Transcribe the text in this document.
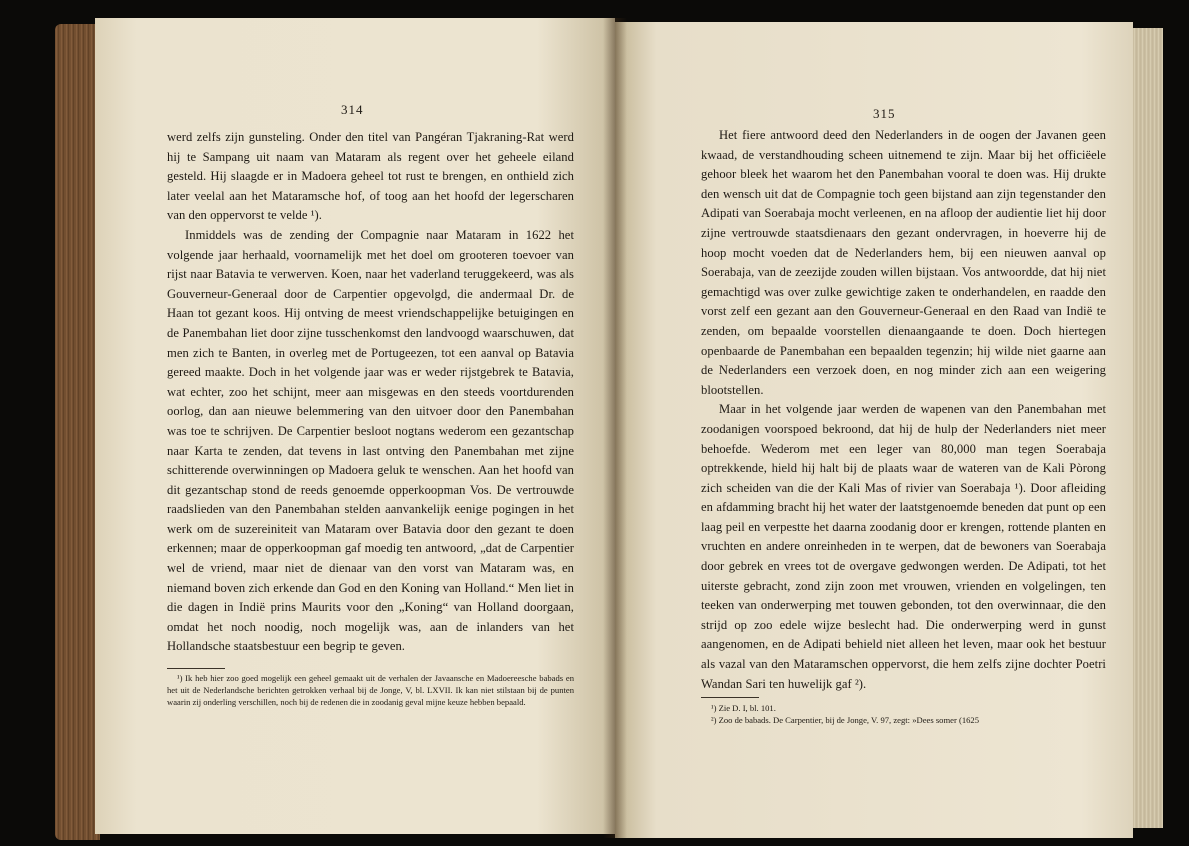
314

werd zelfs zijn gunsteling. Onder den titel van Pangéran Tjakraning-Rat werd hij te Sampang uit naam van Mataram als regent over het geheele eiland gesteld. Hij slaagde er in Madoera geheel tot rust te brengen, en onthield zich later veelal aan het Mataramsche hof, of toog aan het hoofd der legerscharen van den oppervorst te velde ¹).

Inmiddels was de zending der Compagnie naar Mataram in 1622 het volgende jaar herhaald, voornamelijk met het doel om grooteren toevoer van rijst naar Batavia te verwerven. Koen, naar het vaderland teruggekeerd, was als Gouverneur-Generaal door de Carpentier opgevolgd, die andermaal Dr. de Haan tot gezant koos. Hij ontving de meest vriendschappelijke betuigingen en de Panembahan liet door zijne tusschenkomst den landvoogd waarschuwen, dat men zich te Banten, in overleg met de Portugeezen, tot een aanval op Batavia gereed maakte. Doch in het volgende jaar was er weder rijstgebrek te Batavia, wat echter, zoo het schijnt, meer aan misgewas en den steeds voortdurenden oorlog, dan aan nieuwe belemmering van den uitvoer door den Panembahan was toe te schrijven. De Carpentier besloot nogtans wederom een gezantschap naar Karta te zenden, dat tevens in last ontving den Panembahan met zijne schitterende overwinningen op Madoera geluk te wenschen. Aan het hoofd van dit gezantschap stond de reeds genoemde opperkoopman Vos. De vertrouwde raadslieden van den Panembahan stelden aanvankelijk eenige pogingen in het werk om de suzereiniteit van Mataram over Batavia door den gezant te doen erkennen; maar de opperkoopman gaf moedig ten antwoord, „dat de Carpentier wel de vriend, maar niet de dienaar van den vorst van Mataram was, en niemand boven zich erkende dan God en den Koning van Holland.“ Men liet in die dagen in Indië prins Maurits voor den „Koning“ van Holland doorgaan, omdat het noch noodig, noch mogelijk was, aan de inlanders van het Hollandsche staatsbestuur een begrip te geven.

¹) Ik heb hier zoo goed mogelijk een geheel gemaakt uit de verhalen der Javaansche en Madoereesche babads en het uit de Nederlandsche berichten getrokken verhaal bij de Jonge, V, bl. LXVII. Ik kan niet stilstaan bij de punten waarin zij onderling verschillen, noch bij de redenen die in zoodanig geval mijne keuze hebben bepaald.

315

Het fiere antwoord deed den Nederlanders in de oogen der Javanen geen kwaad, de verstandhouding scheen uitnemend te zijn. Maar bij het officiëele gehoor bleek het waarom het den Panembahan vooral te doen was. Hij drukte den wensch uit dat de Compagnie toch geen bijstand aan zijn tegenstander den Adipati van Soerabaja mocht verleenen, en na afloop der audientie liet hij door zijne vertrouwde staatsdienaars den gezant ondervragen, in hoeverre hij de hoop mocht voeden dat de Nederlanders hem, bij een nieuwen aanval op Soerabaja, van de zeezijde zouden willen bijstaan. Vos antwoordde, dat hij niet gemachtigd was over zulke gewichtige zaken te onderhandelen, en raadde den vorst zelf een gezant aan den Gouverneur-Generaal en den Raad van Indië te zenden, om bepaalde voorstellen dienaangaande te doen. Doch hiertegen openbaarde de Panembahan een bepaalden tegenzin; hij wilde niet gaarne aan de Nederlanders een verzoek doen, en nog minder zich aan een weigering blootstellen.

Maar in het volgende jaar werden de wapenen van den Panembahan met zoodanigen voorspoed bekroond, dat hij de hulp der Nederlanders niet meer behoefde. Wederom met een leger van 80,000 man tegen Soerabaja optrekkende, hield hij halt bij de plaats waar de wateren van de Kali Pòrong zich scheiden van die der Kali Mas of rivier van Soerabaja ¹). Door afleiding en afdamming bracht hij het water der laatstgenoemde beneden dat punt op een laag peil en verpestte het daarna zoodanig door er krengen, rottende planten en vruchten en andere onreinheden in te werpen, dat de bewoners van Soerabaja door gebrek en vrees tot de overgave gedwongen werden. De Adipati, tot het uiterste gebracht, zond zijn zoon met vrouwen, vrienden en volgelingen, ten teeken van onderwerping met touwen gebonden, tot den overwinnaar, die den strijd op zoo edele wijze beslecht had. Die onderwerping werd in gunst aangenomen, en de Adipati behield niet alleen het leven, maar ook het bestuur als vazal van den Mataramschen oppervorst, die hem zelfs zijne dochter Poetri Wandan Sari ten huwelijk gaf ²).

¹) Zie D. I, bl. 101.

²) Zoo de babads. De Carpentier, bij de Jonge, V. 97, zegt: »Dees somer (1625
